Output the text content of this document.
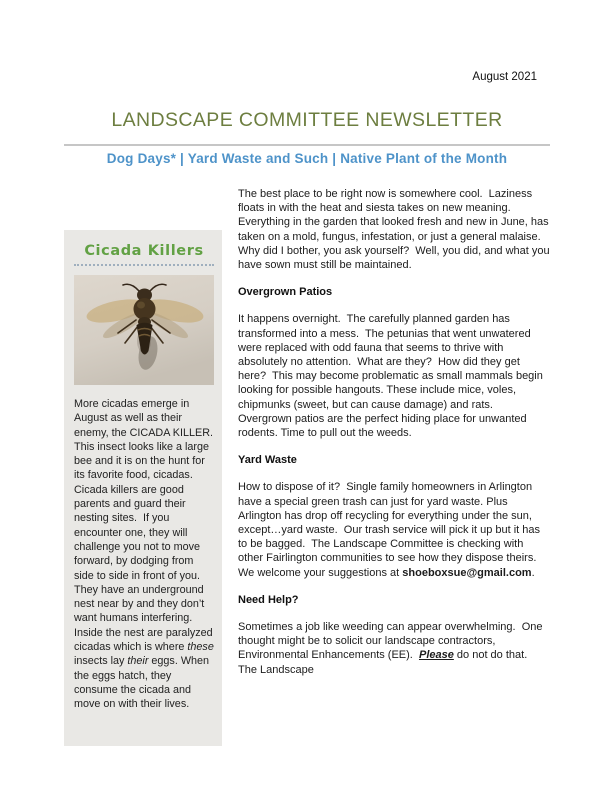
August 2021
LANDSCAPE COMMITTEE NEWSLETTER
Dog Days* | Yard Waste and Such | Native Plant of the Month
Cicada Killers

More cicadas emerge in August as well as their enemy, the CICADA KILLER.  This insect looks like a large bee and it is on the hunt for its favorite food, cicadas. Cicada killers are good parents and guard their nesting sites.  If you encounter one, they will  challenge you not to move forward, by dodging from side to side in front of you. They have an underground nest near by and they don’t want humans interfering. Inside the nest are paralyzed cicadas which is where these insects lay their eggs. When the eggs hatch, they consume the cicada and move on with their lives.

The best place to be right now is somewhere cool.  Laziness floats in with the heat and siesta takes on new meaning.  Everything in the garden that looked fresh and new in June, has taken on a mold, fungus, infestation, or just a general malaise.  Why did I bother, you ask yourself?  Well, you did, and what you have sown must still be maintained.

Overgrown Patios

It happens overnight.  The carefully planned garden has transformed into a mess.  The petunias that went unwatered were replaced with odd fauna that seems to thrive with absolutely no attention.  What are they?  How did they get here?  This may become problematic as small mammals begin looking for possible hangouts. These include mice, voles, chipmunks (sweet, but can cause damage) and rats.  Overgrown patios are the perfect hiding place for unwanted rodents. Time to pull out the weeds.

Yard Waste

How to dispose of it?  Single family homeowners in Arlington have a special green trash can just for yard waste. Plus Arlington has drop off recycling for everything under the sun, except…yard waste.  Our trash service will pick it up but it has to be bagged.  The Landscape Committee is checking with other Fairlington communities to see how they dispose theirs.  We welcome your suggestions at shoeboxsue@gmail.com.

Need Help?

Sometimes a job like weeding can appear overwhelming.  One thought might be to solicit our landscape contractors, Environmental Enhancements (EE).  Please do not do that.  The Landscape
